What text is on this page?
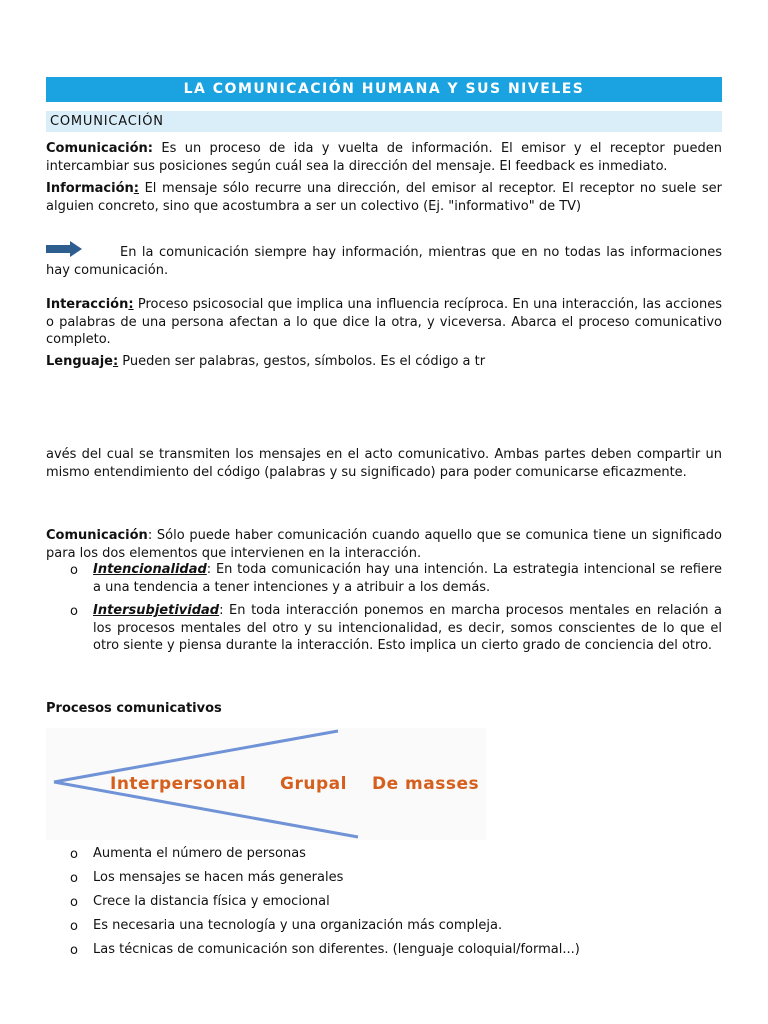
LA COMUNICACIÓN HUMANA Y SUS NIVELES
COMUNICACIÓN
Comunicación: Es un proceso de ida y vuelta de información. El emisor y el receptor pueden intercambiar sus posiciones según cuál sea la dirección del mensaje. El feedback es inmediato.
Información: El mensaje sólo recurre una dirección, del emisor al receptor. El receptor no suele ser alguien concreto, sino que acostumbra a ser un colectivo (Ej. "informativo" de TV)
En la comunicación siempre hay información, mientras que en no todas las informaciones hay comunicación.
Interacción: Proceso psicosocial que implica una influencia recíproca. En una interacción, las acciones o palabras de una persona afectan a lo que dice la otra, y viceversa. Abarca el proceso comunicativo completo.
Lenguaje: Pueden ser palabras, gestos, símbolos. Es el código a tr
avés del cual se transmiten los mensajes en el acto comunicativo. Ambas partes deben compartir un mismo entendimiento del código (palabras y su significado) para poder comunicarse eficazmente.
Comunicación: Sólo puede haber comunicación cuando aquello que se comunica tiene un significado para los dos elementos que intervienen en la interacción.
o Intencionalidad: En toda comunicación hay una intención. La estrategia intencional se refiere a una tendencia a tener intenciones y a atribuir a los demás.
o Intersubjetividad: En toda interacción ponemos en marcha procesos mentales en relación a los procesos mentales del otro y su intencionalidad, es decir, somos conscientes de lo que el otro siente y piensa durante la interacción. Esto implica un cierto grado de conciencia del otro.
Procesos comunicativos
Interpersonal Grupal De masses
o Aumenta el número de personas
o Los mensajes se hacen más generales
o Crece la distancia física y emocional
o Es necesaria una tecnología y una organización más compleja.
o Las técnicas de comunicación son diferentes. (lenguaje coloquial/formal...)
